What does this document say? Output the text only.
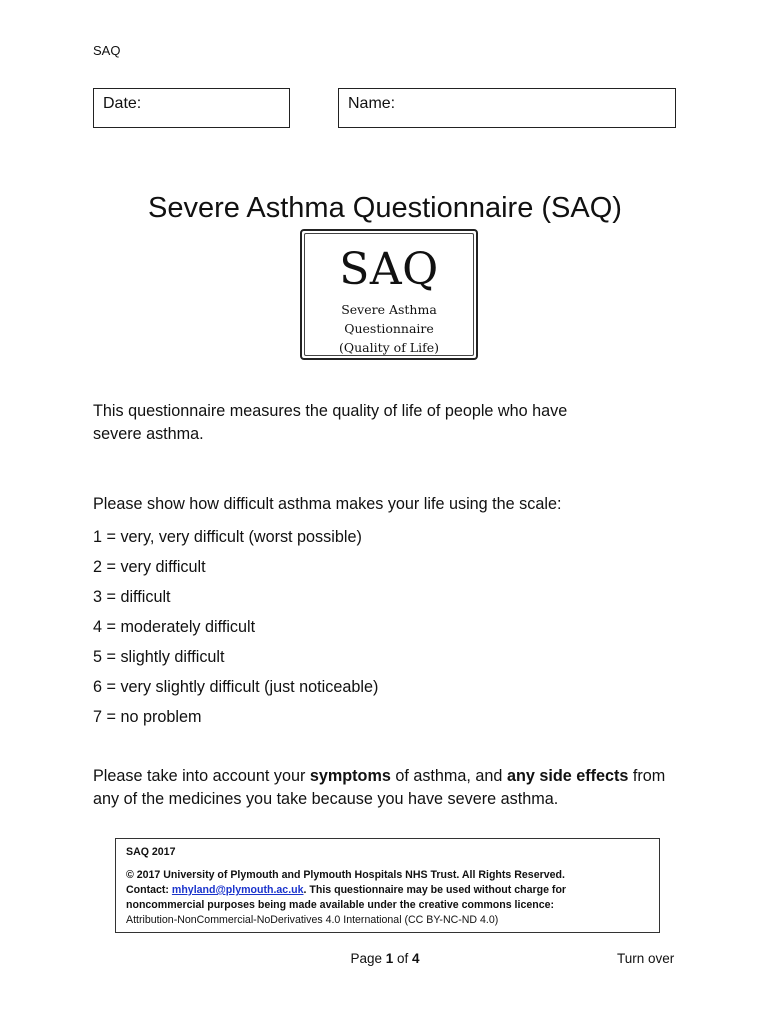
SAQ
Date:	Name:
Severe Asthma Questionnaire (SAQ)
SAQ
Severe Asthma
Questionnaire
(Quality of Life)
This questionnaire measures the quality of life of people who have
severe asthma.
Please show how difficult asthma makes your life using the scale:
1 = very, very difficult (worst possible)
2 = very difficult
3 = difficult
4 = moderately difficult
5 = slightly difficult
6 = very slightly difficult (just noticeable)
7 = no problem
Please take into account your symptoms of asthma, and any side effects from any of the medicines you take because you have severe asthma.
SAQ 2017
© 2017 University of Plymouth and Plymouth Hospitals NHS Trust. All Rights Reserved.
Contact: mhyland@plymouth.ac.uk. This questionnaire may be used without charge for
noncommercial purposes being made available under the creative commons licence:
Attribution-NonCommercial-NoDerivatives 4.0 International (CC BY-NC-ND 4.0)
Page 1 of 4	Turn over
